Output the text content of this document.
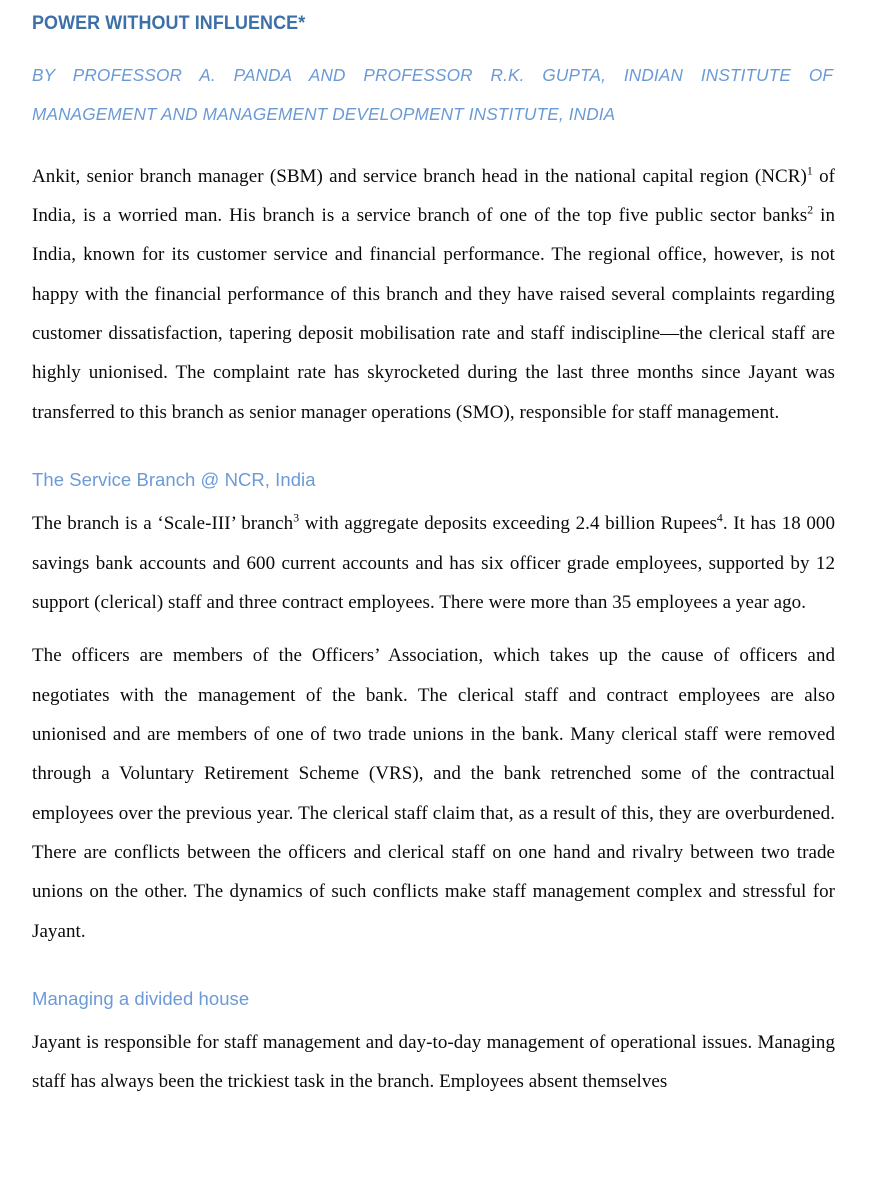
POWER WITHOUT INFLUENCE*

BY PROFESSOR A. PANDA AND PROFESSOR R.K. GUPTA, INDIAN INSTITUTE OF MANAGEMENT AND MANAGEMENT DEVELOPMENT INSTITUTE, INDIA

Ankit, senior branch manager (SBM) and service branch head in the national capital region (NCR)$^1$ of India, is a worried man. His branch is a service branch of one of the top five public sector banks$^2$ in India, known for its customer service and financial performance. The regional office, however, is not happy with the financial performance of this branch and they have raised several complaints regarding customer dissatisfaction, tapering deposit mobilisation rate and staff indiscipline—the clerical staff are highly unionised. The complaint rate has skyrocketed during the last three months since Jayant was transferred to this branch as senior manager operations (SMO), responsible for staff management.

The Service Branch @ NCR, India

The branch is a ‘Scale-III’ branch$^3$ with aggregate deposits exceeding 2.4 billion Rupees$^4$. It has 18 000 savings bank accounts and 600 current accounts and has six officer grade employees, supported by 12 support (clerical) staff and three contract employees. There were more than 35 employees a year ago.

The officers are members of the Officers’ Association, which takes up the cause of officers and negotiates with the management of the bank. The clerical staff and contract employees are also unionised and are members of one of two trade unions in the bank. Many clerical staff were removed through a Voluntary Retirement Scheme (VRS), and the bank retrenched some of the contractual employees over the previous year. The clerical staff claim that, as a result of this, they are overburdened. There are conflicts between the officers and clerical staff on one hand and rivalry between two trade unions on the other. The dynamics of such conflicts make staff management complex and stressful for Jayant.

Managing a divided house

Jayant is responsible for staff management and day-to-day management of operational issues. Managing staff has always been the trickiest task in the branch. Employees absent themselves
